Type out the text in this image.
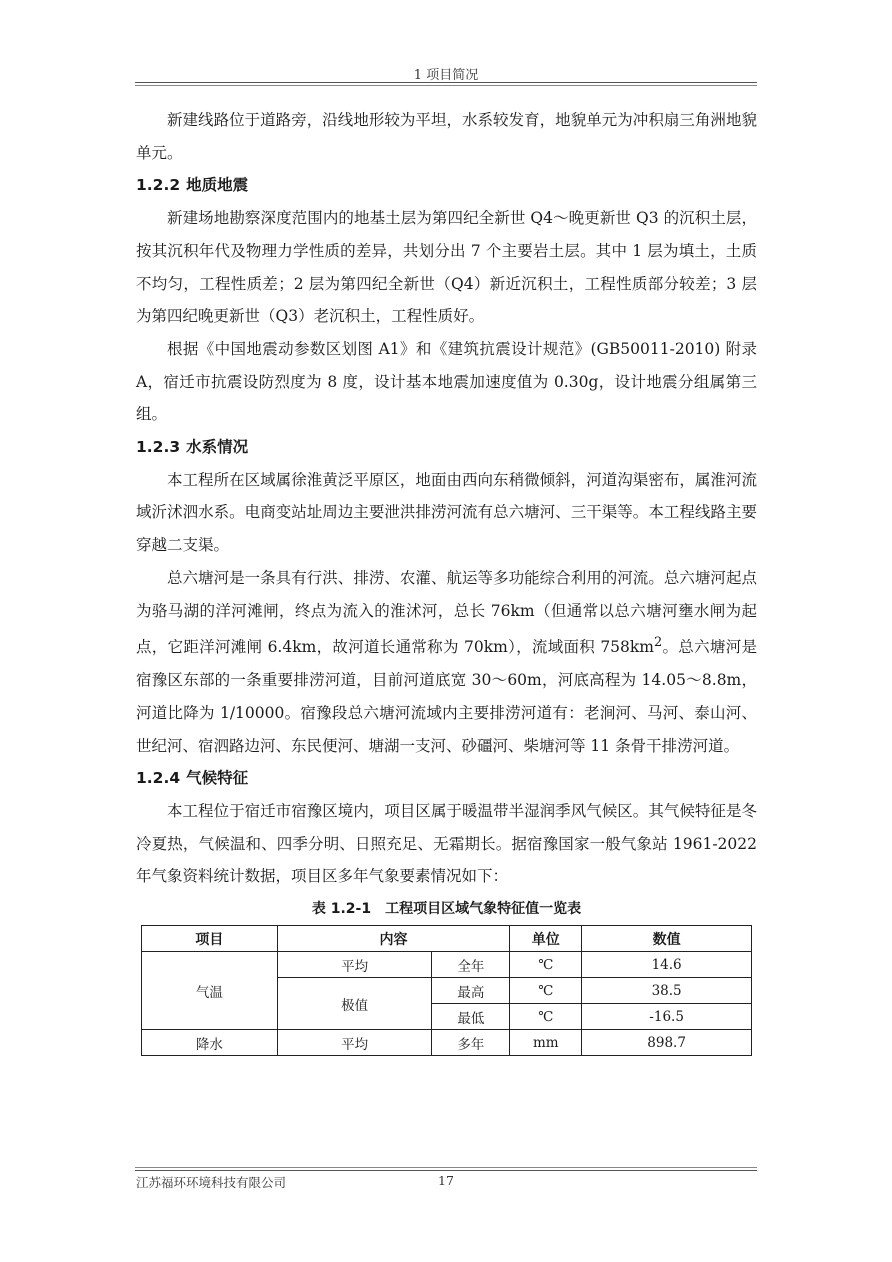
1 项目简况

新建线路位于道路旁，沿线地形较为平坦，水系较发育，地貌单元为冲积扇三角洲地貌单元。

1.2.2 地质地震

新建场地勘察深度范围内的地基土层为第四纪全新世 Q4～晚更新世 Q3 的沉积土层，按其沉积年代及物理力学性质的差异，共划分出 7 个主要岩土层。其中 1 层为填土，土质不均匀，工程性质差；2 层为第四纪全新世（Q4）新近沉积土，工程性质部分较差；3 层为第四纪晚更新世（Q3）老沉积土，工程性质好。

根据《中国地震动参数区划图 A1》和《建筑抗震设计规范》(GB50011-2010) 附录 A，宿迁市抗震设防烈度为 8 度，设计基本地震加速度值为 0.30g，设计地震分组属第三组。

1.2.3 水系情况

本工程所在区域属徐淮黄泛平原区，地面由西向东稍微倾斜，河道沟渠密布，属淮河流域沂沭泗水系。电商变站址周边主要泄洪排涝河流有总六塘河、三干渠等。本工程线路主要穿越二支渠。

总六塘河是一条具有行洪、排涝、农灌、航运等多功能综合利用的河流。总六塘河起点为骆马湖的洋河滩闸，终点为流入的淮沭河，总长 76km（但通常以总六塘河壅水闸为起点，它距洋河滩闸 6.4km，故河道长通常称为 70km），流域面积 $758km^2$。总六塘河是宿豫区东部的一条重要排涝河道，目前河道底宽 30～60m，河底高程为 14.05～8.8m，河道比降为 1/10000。宿豫段总六塘河流域内主要排涝河道有：老涧河、马河、泰山河、世纪河、宿泗路边河、东民便河、塘湖一支河、砂礓河、柴塘河等 11 条骨干排涝河道。

1.2.4 气候特征

本工程位于宿迁市宿豫区境内，项目区属于暖温带半湿润季风气候区。其气候特征是冬冷夏热，气候温和、四季分明、日照充足、无霜期长。据宿豫国家一般气象站 1961-2022 年气象资料统计数据，项目区多年气象要素情况如下：

表 1.2-1 工程项目区域气象特征值一览表
项目	内容		单位	数值
气温	平均	全年	℃	14.6
	极值	最高	℃	38.5
		最低	℃	-16.5
降水	平均	多年	mm	898.7
江苏福环环境科技有限公司	17
